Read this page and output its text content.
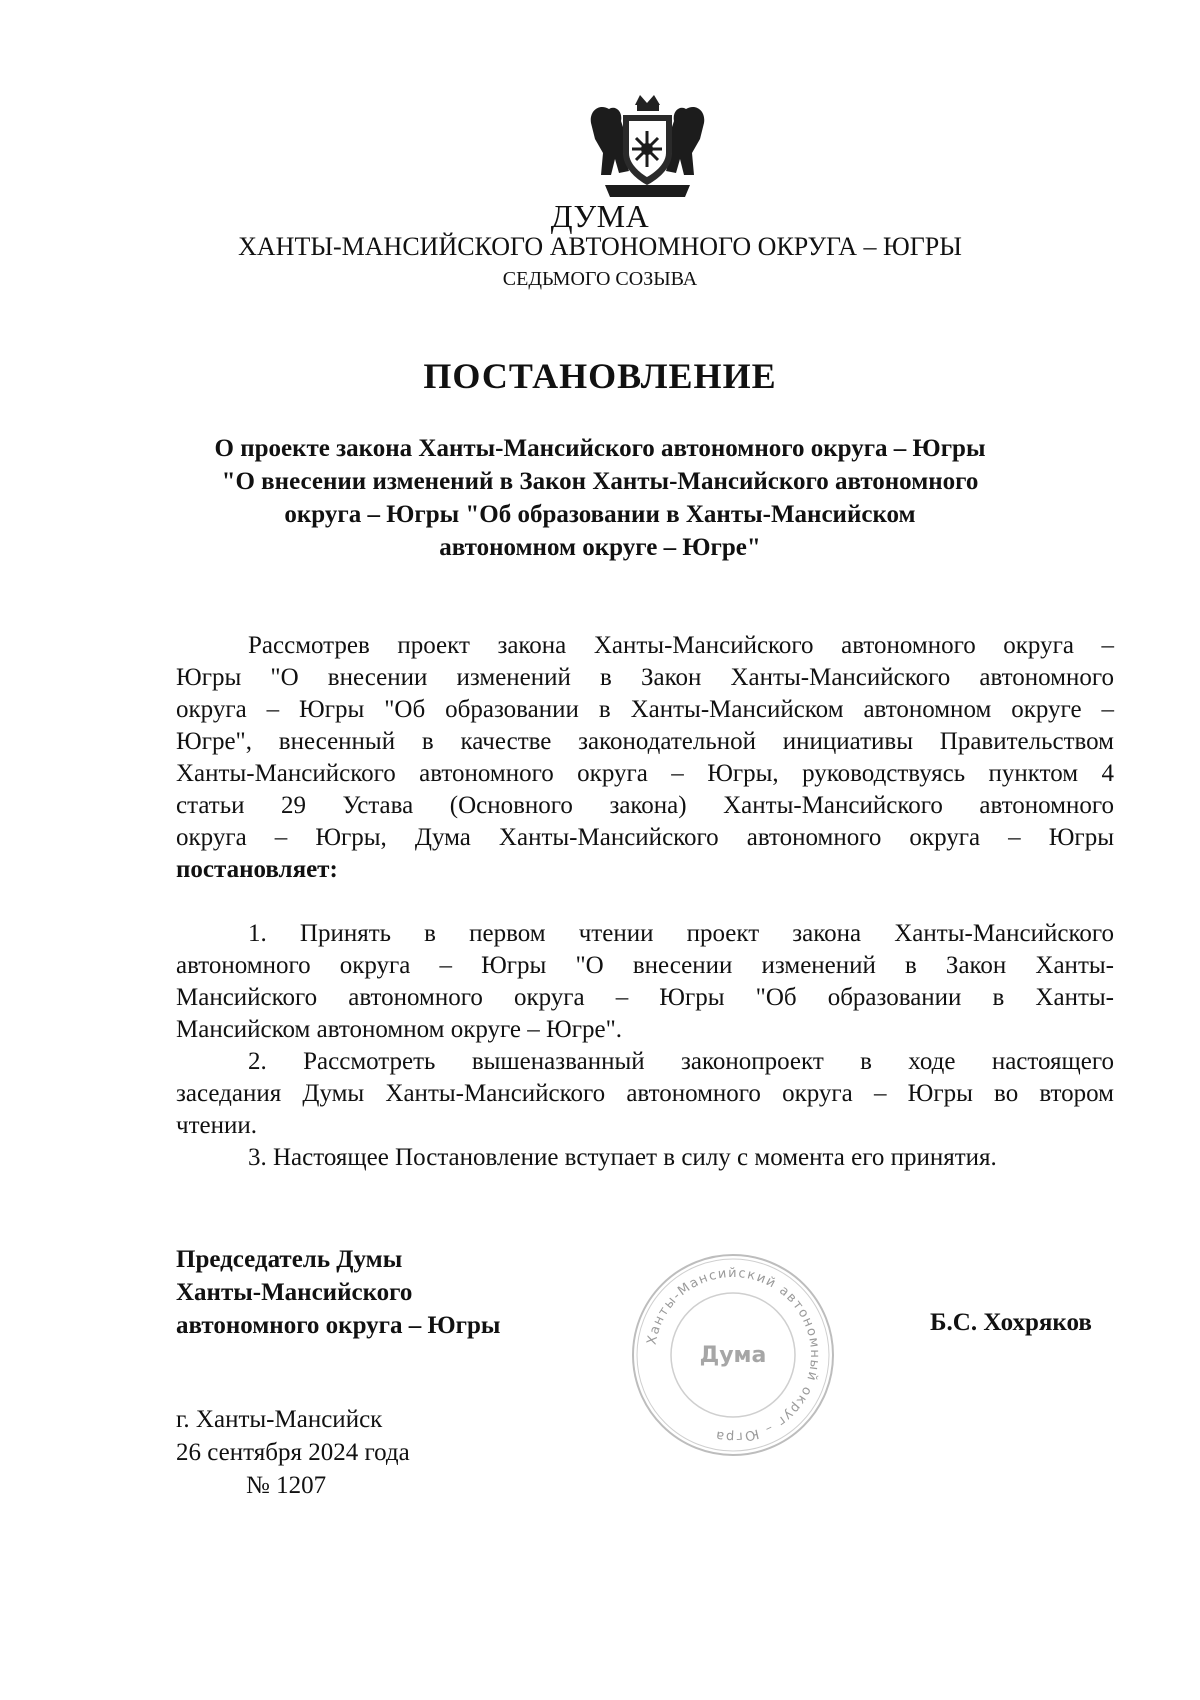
ДУМА
ХАНТЫ-МАНСИЙСКОГО АВТОНОМНОГО ОКРУГА – ЮГРЫ
СЕДЬМОГО СОЗЫВА
ПОСТАНОВЛЕНИЕ
О проекте закона Ханты-Мансийского автономного округа – Югры
"О внесении изменений в Закон Ханты-Мансийского автономного
округа – Югры "Об образовании в Ханты-Мансийском
автономном округе – Югре"
Рассмотрев проект закона Ханты-Мансийского автономного округа –
Югры "О внесении изменений в Закон Ханты-Мансийского автономного
округа – Югры "Об образовании в Ханты-Мансийском автономном округе –
Югре", внесенный в качестве законодательной инициативы Правительством
Ханты-Мансийского автономного округа – Югры, руководствуясь пунктом 4
статьи 29 Устава (Основного закона) Ханты-Мансийского автономного
округа – Югры, Дума Ханты-Мансийского автономного округа – Югры
постановляет:
1. Принять в первом чтении проект закона Ханты-Мансийского
автономного округа – Югры "О внесении изменений в Закон Ханты-
Мансийского автономного округа – Югры "Об образовании в Ханты-
Мансийском автономном округе – Югре".
2. Рассмотреть вышеназванный законопроект в ходе настоящего
заседания Думы Ханты-Мансийского автономного округа – Югры во втором
чтении.
3. Настоящее Постановление вступает в силу с момента его принятия.
Председатель Думы
Ханты-Мансийского
автономного округа – Югры	Б.С. Хохряков
Ханты-Мансийский автономный округ – Югра
Дума
г. Ханты-Мансийск
26 сентября 2024 года
№ 1207
